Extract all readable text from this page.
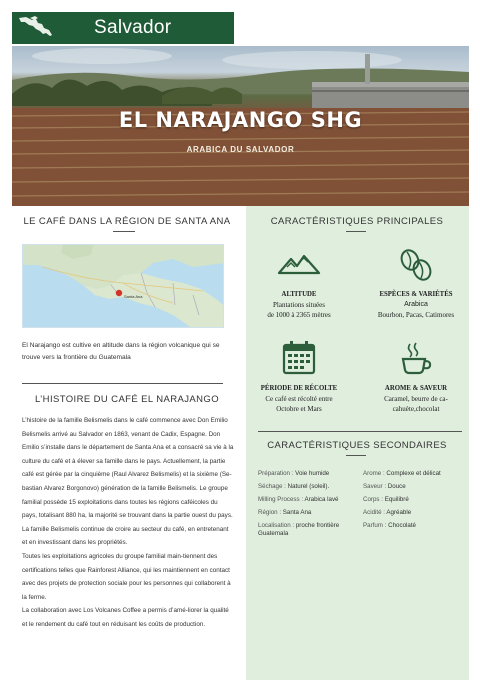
Salvador
EL NARAJANGO SHG
ARABICA DU SALVADOR
LE CAFÉ DANS LA RÉGION DE SANTA ANA
Santa Ana
El Narajango est cultive en altitude dans la région volcanique qui se trouve vers la frontière du Guatemala
L’HISTOIRE DU CAFÉ EL NARAJANGO

L’histoire de la famille Belismelis dans le café commence avec Don Emilio Belismelis arrivé au Salvador en 1863, venant de Cadix, Espagne. Don Emilio s’installe dans le département de Santa Ana et a consacré sa vie à la culture du café et à élever sa famille dans le pays. Actuellement, la partie café est gérée par la cinquième (Raul Alvarez Belismelis) et la sixième (Se-bastian Alvarez Borgonovo) génération de la famille Belismelis. Le groupe familial possède 15 exploitations dans toutes les régions caféicoles du pays, totalisant 880 ha, la majorité se trouvant dans la partie ouest du pays.

La famille Belismelis continue de croire au secteur du café, en entretenant et en investissant dans les propriétés.

Toutes les exploitations agricoles du groupe familial main-tiennent des certifications telles que Rainforest Alliance, qui les maintiennent en contact avec des projets de protection sociale pour les personnes qui collaborent à la ferme.

La collaboration avec Los Volcanes Coffee a permis d’amé-liorer la qualité et le rendement du café tout en réduisant les coûts de production.

CARACTÉRISTIQUES PRINCIPALES
ALTITUDE
Plantations situées
de 1000 à 2365 mètres
ESPÈCES & VARIÉTÉS
Arabica
Bourbon, Pacas, Catimores
PÉRIODE DE RÉCOLTE
Ce café est récolté entre
Octobre et Mars
AROME & SAVEUR
Caramel, beurre de ca-
cahuète,chocolat
CARACTÉRISTIQUES SECONDAIRES
Préparation : Voie humide
Séchage : Naturel (soleil).
Milling Process : Arabica lavé
Région : Santa Ana
Localisation : proche frontière Guatemala
Arome : Complexe et délicat
Saveur : Douce
Corps : Equilibré
Acidité : Agréable
Parfum : Chocolaté
